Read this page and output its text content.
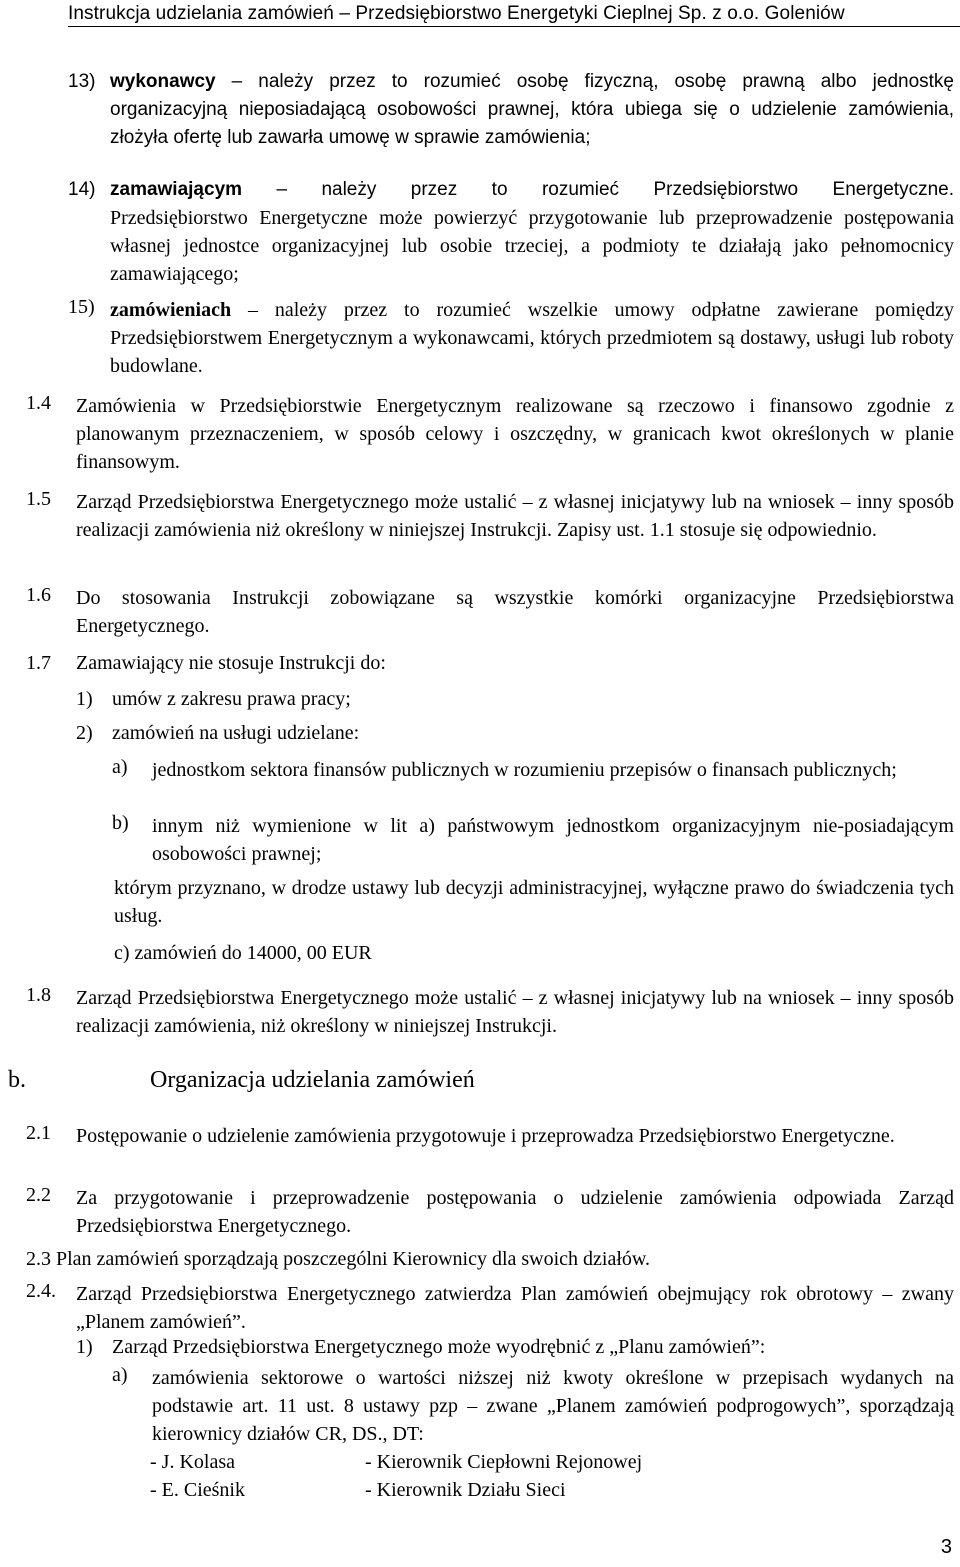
Instrukcja udzielania zamówień – Przedsiębiorstwo Energetyki Cieplnej Sp. z o.o. Goleniów
13) wykonawcy – należy przez to rozumieć osobę fizyczną, osobę prawną albo jednostkę organizacyjną nieposiadającą osobowości prawnej, która ubiega się o udzielenie zamówienia, złożyła ofertę lub zawarła umowę w sprawie zamówienia;
14) zamawiającym – należy przez to rozumieć Przedsiębiorstwo Energetyczne.
Przedsiębiorstwo Energetyczne może powierzyć przygotowanie lub przeprowadzenie postępowania własnej jednostce organizacyjnej lub osobie trzeciej, a podmioty te działają jako pełnomocnicy zamawiającego;
15) zamówieniach – należy przez to rozumieć wszelkie umowy odpłatne zawierane pomiędzy Przedsiębiorstwem Energetycznym a wykonawcami, których przedmiotem są dostawy, usługi lub roboty budowlane.
1.4 Zamówienia w Przedsiębiorstwie Energetycznym realizowane są rzeczowo i finansowo zgodnie z planowanym przeznaczeniem, w sposób celowy i oszczędny, w granicach kwot określonych w planie finansowym.
1.5 Zarząd Przedsiębiorstwa Energetycznego może ustalić – z własnej inicjatywy lub na wniosek – inny sposób realizacji zamówienia niż określony w niniejszej Instrukcji. Zapisy ust. 1.1 stosuje się odpowiednio.
1.6 Do stosowania Instrukcji zobowiązane są wszystkie komórki organizacyjne Przedsiębiorstwa Energetycznego.
1.7 Zamawiający nie stosuje Instrukcji do:
1) umów z zakresu prawa pracy;
2) zamówień na usługi udzielane:
a) jednostkom sektora finansów publicznych w rozumieniu przepisów o finansach publicznych;
b) innym niż wymienione w lit a) państwowym jednostkom organizacyjnym nie-posiadającym osobowości prawnej;
którym przyznano, w drodze ustawy lub decyzji administracyjnej, wyłączne prawo do świadczenia tych usług.
c) zamówień do 14000, 00 EUR
1.8 Zarząd Przedsiębiorstwa Energetycznego może ustalić – z własnej inicjatywy lub na wniosek – inny sposób realizacji zamówienia, niż określony w niniejszej Instrukcji.
b.	Organizacja udzielania zamówień
2.1 Postępowanie o udzielenie zamówienia przygotowuje i przeprowadza Przedsiębiorstwo Energetyczne.
2.2 Za przygotowanie i przeprowadzenie postępowania o udzielenie zamówienia odpowiada Zarząd Przedsiębiorstwa Energetycznego.
2.3 Plan zamówień sporządzają poszczególni Kierownicy dla swoich działów.
2.4. Zarząd Przedsiębiorstwa Energetycznego zatwierdza Plan zamówień obejmujący rok obrotowy – zwany „Planem zamówień”.
1) Zarząd Przedsiębiorstwa Energetycznego może wyodrębnić z „Planu zamówień”:
a) zamówienia sektorowe o wartości niższej niż kwoty określone w przepisach wydanych na podstawie art. 11 ust. 8 ustawy pzp – zwane „Planem zamówień podprogowych”, sporządzają kierownicy działów CR, DS., DT:
- J. Kolasa	- Kierownik Ciepłowni Rejonowej
- E. Cieśnik	- Kierownik Działu Sieci
3
